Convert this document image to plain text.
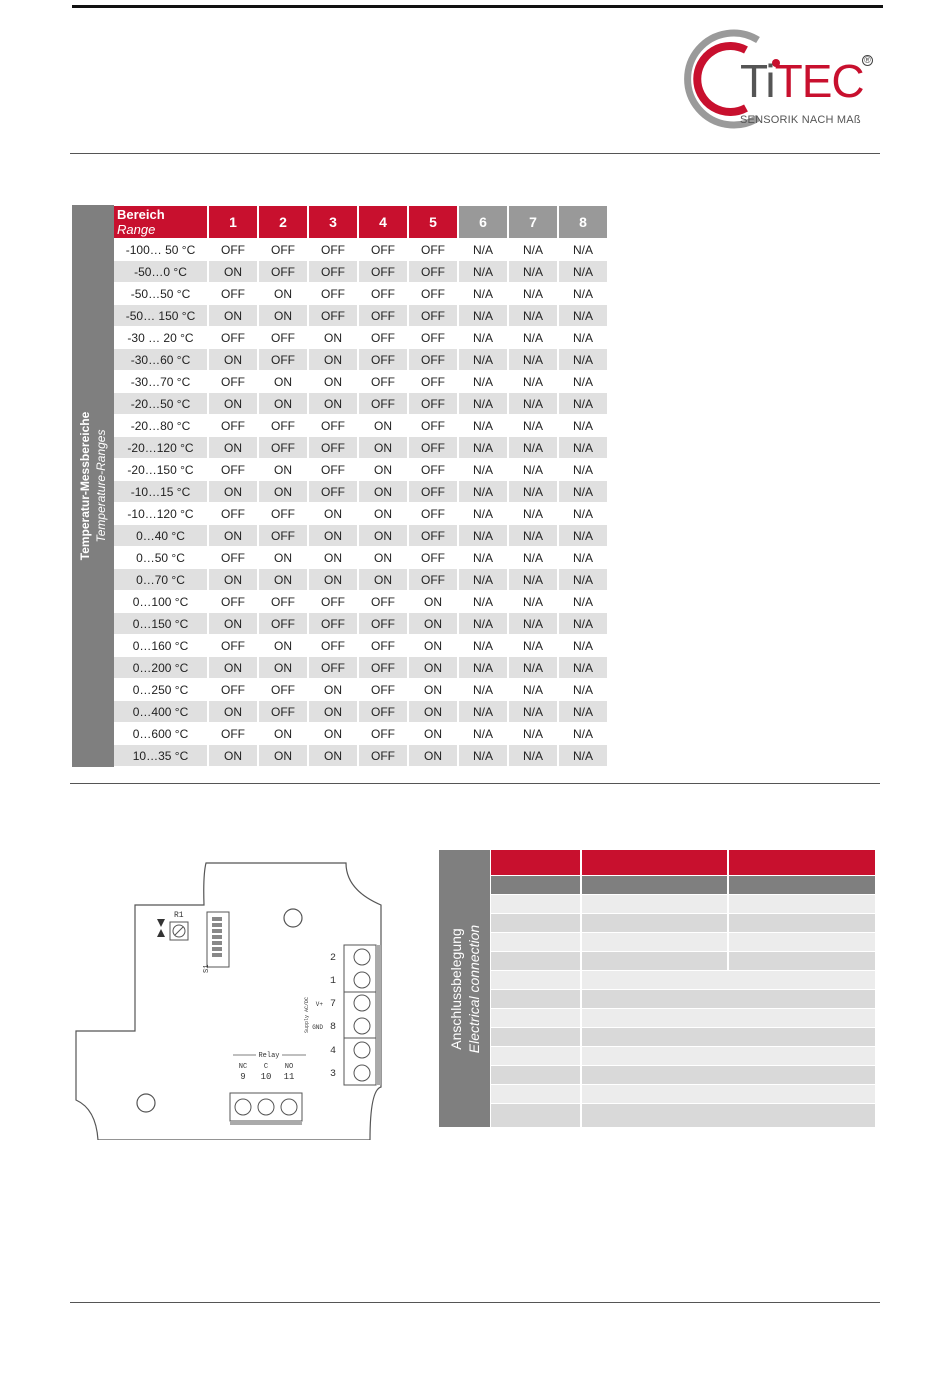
TiTEC ®
SENSORIK NACH MAß
Temperatur-Messbereiche Temperature-Ranges
Bereich
Range	1	2	3	4	5	6	7	8
-100… 50 °C	OFF	OFF	OFF	OFF	OFF	N/A	N/A	N/A
-50…0 °C	ON	OFF	OFF	OFF	OFF	N/A	N/A	N/A
-50…50 °C	OFF	ON	OFF	OFF	OFF	N/A	N/A	N/A
-50… 150 °C	ON	ON	OFF	OFF	OFF	N/A	N/A	N/A
-30 … 20 °C	OFF	OFF	ON	OFF	OFF	N/A	N/A	N/A
-30…60 °C	ON	OFF	ON	OFF	OFF	N/A	N/A	N/A
-30…70 °C	OFF	ON	ON	OFF	OFF	N/A	N/A	N/A
-20…50 °C	ON	ON	ON	OFF	OFF	N/A	N/A	N/A
-20…80 °C	OFF	OFF	OFF	ON	OFF	N/A	N/A	N/A
-20…120 °C	ON	OFF	OFF	ON	OFF	N/A	N/A	N/A
-20…150 °C	OFF	ON	OFF	ON	OFF	N/A	N/A	N/A
-10…15 °C	ON	ON	OFF	ON	OFF	N/A	N/A	N/A
-10…120 °C	OFF	OFF	ON	ON	OFF	N/A	N/A	N/A
0…40 °C	ON	OFF	ON	ON	OFF	N/A	N/A	N/A
0…50 °C	OFF	ON	ON	ON	OFF	N/A	N/A	N/A
0…70 °C	ON	ON	ON	ON	OFF	N/A	N/A	N/A
0…100 °C	OFF	OFF	OFF	OFF	ON	N/A	N/A	N/A
0…150 °C	ON	OFF	OFF	OFF	ON	N/A	N/A	N/A
0…160 °C	OFF	ON	OFF	OFF	ON	N/A	N/A	N/A
0…200 °C	ON	ON	OFF	OFF	ON	N/A	N/A	N/A
0…250 °C	OFF	OFF	ON	OFF	ON	N/A	N/A	N/A
0…400 °C	ON	OFF	ON	OFF	ON	N/A	N/A	N/A
0…600 °C	OFF	ON	ON	OFF	ON	N/A	N/A	N/A
10…35 °C	ON	ON	ON	OFF	ON	N/A	N/A	N/A
R1
S1
Relay
NC C NO
9 10 11
2
1
7
8
4
3
V+
GND
Supply AC/DC	Anschlussbelegung Electrical connection
